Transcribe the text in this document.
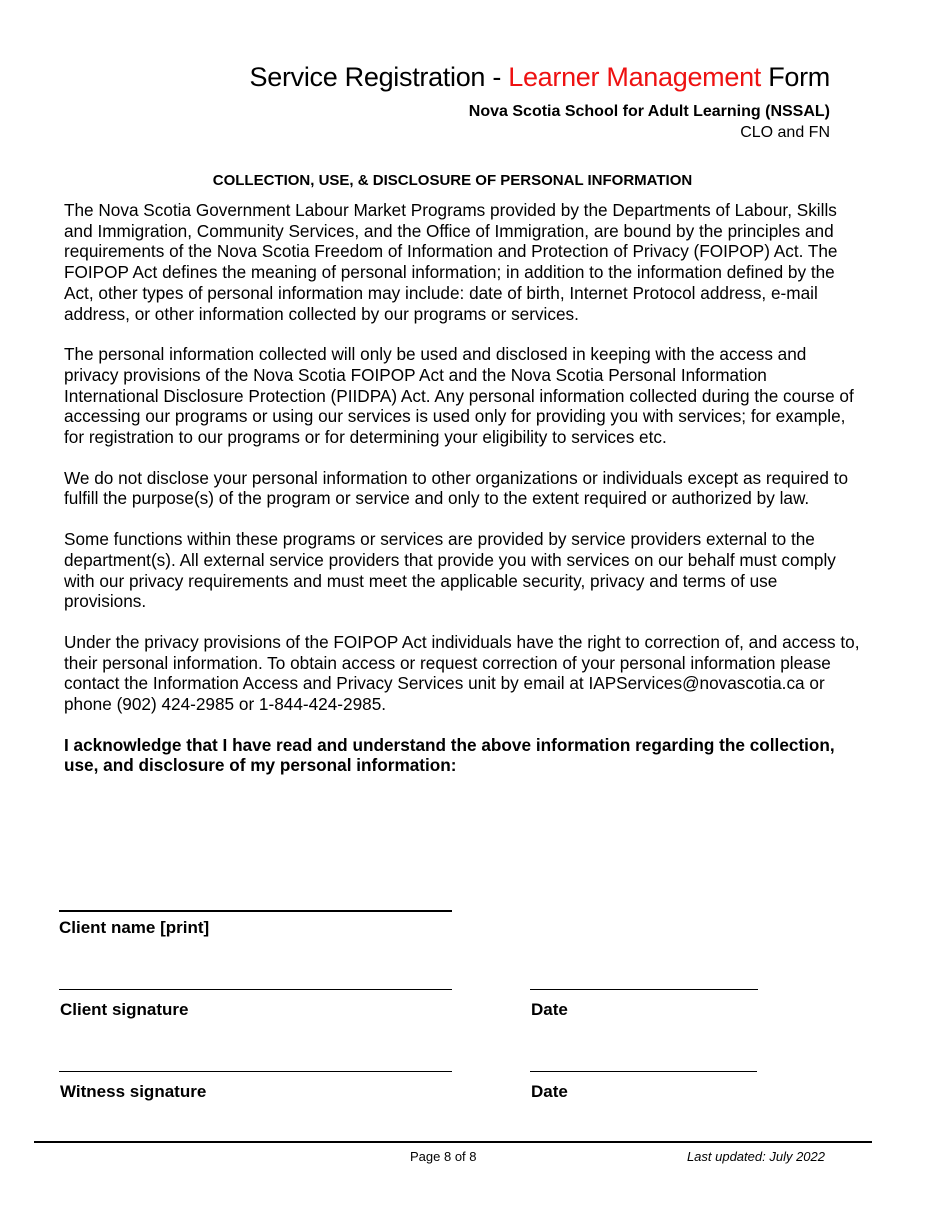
Service Registration - Learner Management Form
Nova Scotia School for Adult Learning (NSSAL)
CLO and FN
COLLECTION, USE, & DISCLOSURE OF PERSONAL INFORMATION

The Nova Scotia Government Labour Market Programs provided by the Departments of Labour, Skills and Immigration, Community Services, and the Office of Immigration, are bound by the principles and requirements of the Nova Scotia Freedom of Information and Protection of Privacy (FOIPOP) Act. The FOIPOP Act defines the meaning of personal information; in addition to the information defined by the Act, other types of personal information may include: date of birth, Internet Protocol address, e-mail address, or other information collected by our programs or services.

The personal information collected will only be used and disclosed in keeping with the access and privacy provisions of the Nova Scotia FOIPOP Act and the Nova Scotia Personal Information International Disclosure Protection (PIIDPA) Act. Any personal information collected during the course of accessing our programs or using our services is used only for providing you with services; for example, for registration to our programs or for determining your eligibility to services etc.

We do not disclose your personal information to other organizations or individuals except as required to fulfill the purpose(s) of the program or service and only to the extent required or authorized by law.

Some functions within these programs or services are provided by service providers external to the department(s). All external service providers that provide you with services on our behalf must comply with our privacy requirements and must meet the applicable security, privacy and terms of use provisions.

Under the privacy provisions of the FOIPOP Act individuals have the right to correction of, and access to, their personal information. To obtain access or request correction of your personal information please contact the Information Access and Privacy Services unit by email at IAPServices@novascotia.ca or phone (902) 424-2985 or 1-844-424-2985.

I acknowledge that I have read and understand the above information regarding the collection, use, and disclosure of my personal information:

Client name [print]
Client signature	Date
Witness signature	Date
Page 8 of 8	Last updated: July 2022
